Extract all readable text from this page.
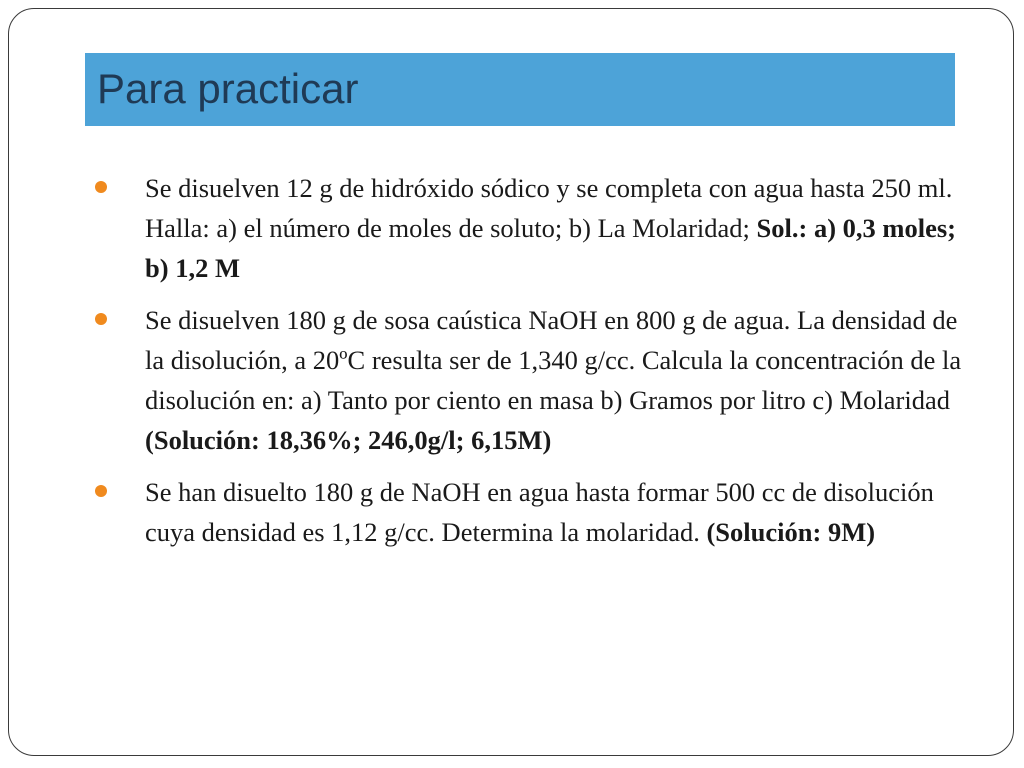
Para practicar
Se disuelven 12 g de hidróxido sódico y se completa con agua hasta 250 ml. Halla: a) el número de moles de soluto; b) La Molaridad; Sol.: a) 0,3 moles; b) 1,2 M
Se disuelven 180 g de sosa caústica NaOH en 800 g de agua. La densidad de la disolución, a 20ºC resulta ser de 1,340 g/cc. Calcula la concentración de la disolución en: a) Tanto por ciento en masa b) Gramos por litro c) Molaridad (Solución: 18,36%; 246,0g/l; 6,15M)
Se han disuelto 180 g de NaOH en agua hasta formar 500 cc de disolución cuya densidad es 1,12 g/cc. Determina la molaridad. (Solución: 9M)
